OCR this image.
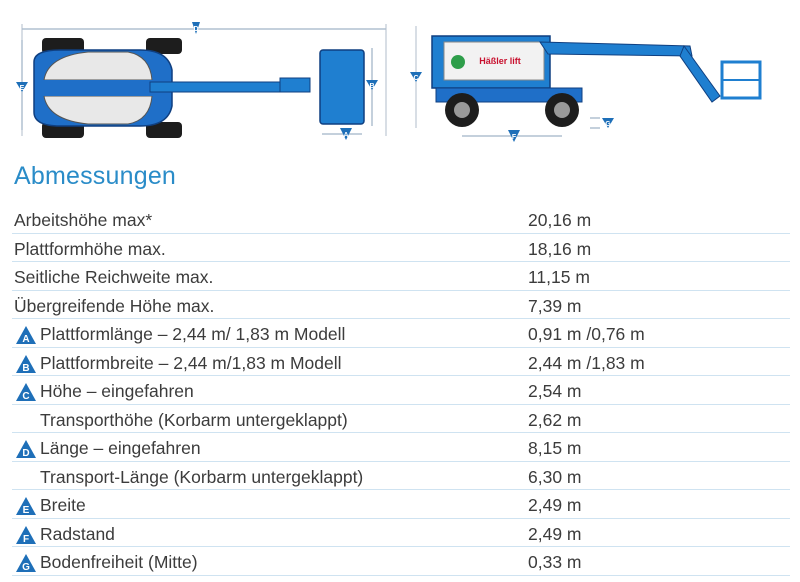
D
E	B
A
C
Häßler lift
F
G
Abmessungen
Arbeitshöhe max*	20,16 m
Plattformhöhe max.	18,16 m
Seitliche Reichweite max.	11,15 m
Übergreifende Höhe max.	7,39 m
A Plattformlänge – 2,44 m/ 1,83 m Modell	0,91 m /0,76 m
B Plattformbreite – 2,44 m/1,83 m Modell	2,44 m /1,83 m
C Höhe – eingefahren	2,54 m
Transporthöhe (Korbarm untergeklappt)	2,62 m
D Länge – eingefahren	8,15 m
Transport-Länge (Korbarm untergeklappt)	6,30 m
E Breite	2,49 m
F Radstand	2,49 m
G Bodenfreiheit (Mitte)	0,33 m
